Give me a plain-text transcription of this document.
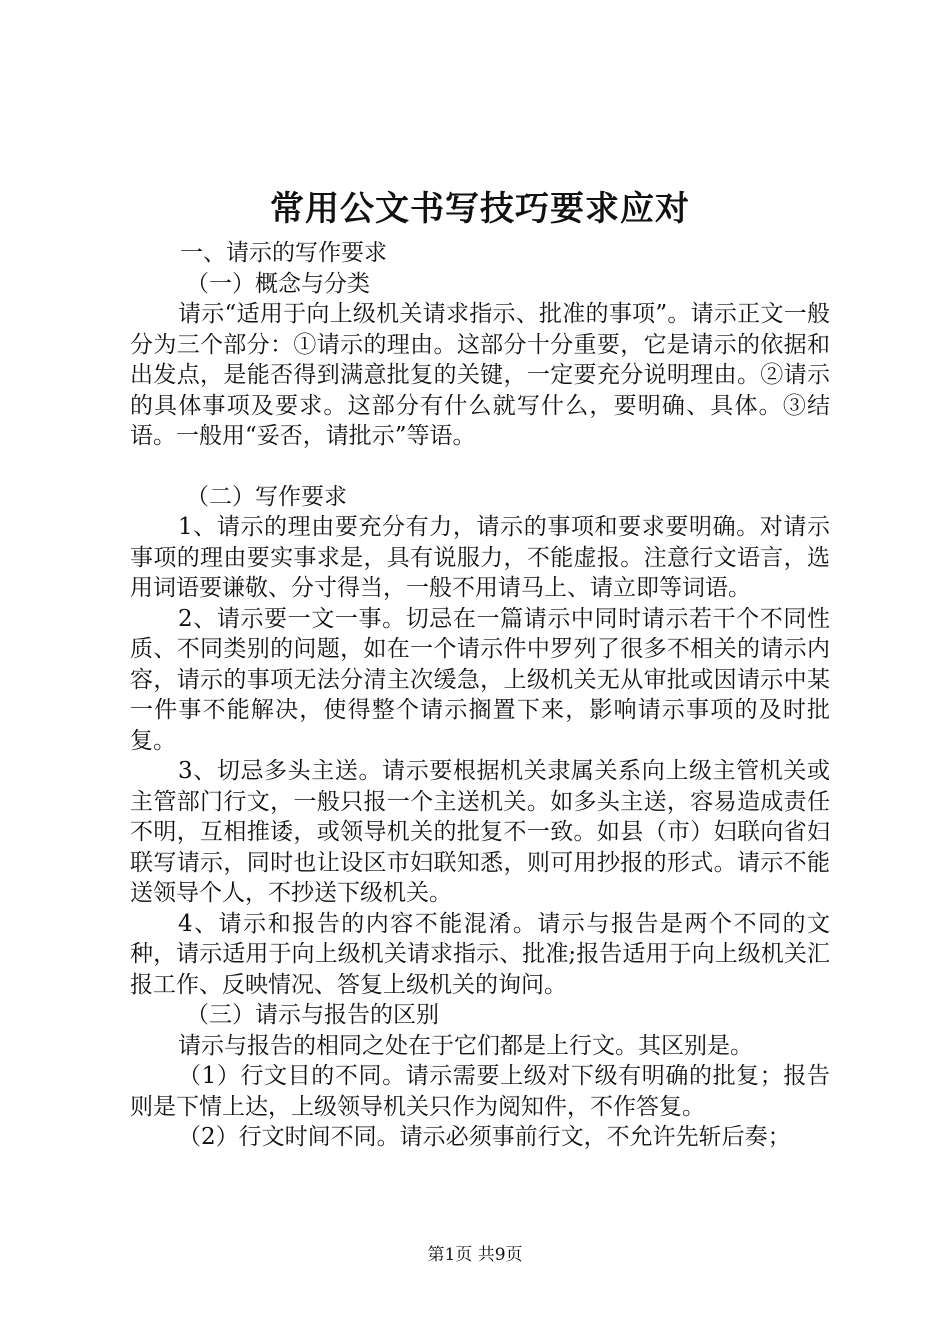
常用公文书写技巧要求应对

一、请示的写作要求

（一）概念与分类

请示“适用于向上级机关请求指示、批准的事项”。请示正文一般分为三个部分：①请示的理由。这部分十分重要，它是请示的依据和出发点，是能否得到满意批复的关键，一定要充分说明理由。②请示的具体事项及要求。这部分有什么就写什么，要明确、具体。③结语。一般用“妥否，请批示”等语。

（二）写作要求

1、请示的理由要充分有力，请示的事项和要求要明确。对请示事项的理由要实事求是，具有说服力，不能虚报。注意行文语言，选用词语要谦敬、分寸得当，一般不用请马上、请立即等词语。

2、请示要一文一事。切忌在一篇请示中同时请示若干个不同性质、不同类别的问题，如在一个请示件中罗列了很多不相关的请示内容，请示的事项无法分清主次缓急，上级机关无从审批或因请示中某一件事不能解决，使得整个请示搁置下来，影响请示事项的及时批复。

3、切忌多头主送。请示要根据机关隶属关系向上级主管机关或主管部门行文，一般只报一个主送机关。如多头主送，容易造成责任不明，互相推诿，或领导机关的批复不一致。如县（市）妇联向省妇联写请示，同时也让设区市妇联知悉，则可用抄报的形式。请示不能送领导个人，不抄送下级机关。

4、请示和报告的内容不能混淆。请示与报告是两个不同的文种，请示适用于向上级机关请求指示、批准;报告适用于向上级机关汇报工作、反映情况、答复上级机关的询问。

（三）请示与报告的区别

请示与报告的相同之处在于它们都是上行文。其区别是。

（1）行文目的不同。请示需要上级对下级有明确的批复；报告则是下情上达，上级领导机关只作为阅知件，不作答复。

（2）行文时间不同。请示必须事前行文，不允许先斩后奏；

第1页 共9页
